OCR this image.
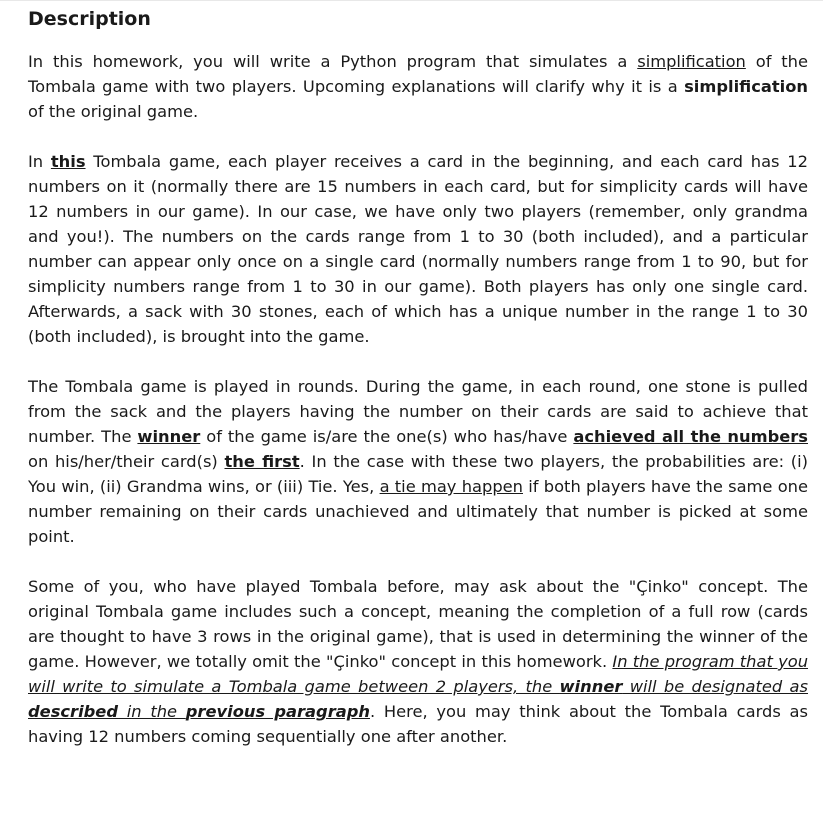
Description

In this homework, you will write a Python program that simulates a simplification of the Tombala game with two players. Upcoming explanations will clarify why it is a simplification of the original game.

In this Tombala game, each player receives a card in the beginning, and each card has 12 numbers on it (normally there are 15 numbers in each card, but for simplicity cards will have 12 numbers in our game). In our case, we have only two players (remember, only grandma and you!). The numbers on the cards range from 1 to 30 (both included), and a particular number can appear only once on a single card (normally numbers range from 1 to 90, but for simplicity numbers range from 1 to 30 in our game). Both players has only one single card. Afterwards, a sack with 30 stones, each of which has a unique number in the range 1 to 30 (both included), is brought into the game.

The Tombala game is played in rounds. During the game, in each round, one stone is pulled from the sack and the players having the number on their cards are said to achieve that number. The winner of the game is/are the one(s) who has/have achieved all the numbers on his/her/their card(s) the first. In the case with these two players, the probabilities are: (i) You win, (ii) Grandma wins, or (iii) Tie. Yes, a tie may happen if both players have the same one number remaining on their cards unachieved and ultimately that number is picked at some point.

Some of you, who have played Tombala before, may ask about the "Çinko" concept. The original Tombala game includes such a concept, meaning the completion of a full row (cards are thought to have 3 rows in the original game), that is used in determining the winner of the game. However, we totally omit the "Çinko" concept in this homework. In the program that you will write to simulate a Tombala game between 2 players, the winner will be designated as described in the previous paragraph. Here, you may think about the Tombala cards as having 12 numbers coming sequentially one after another.
